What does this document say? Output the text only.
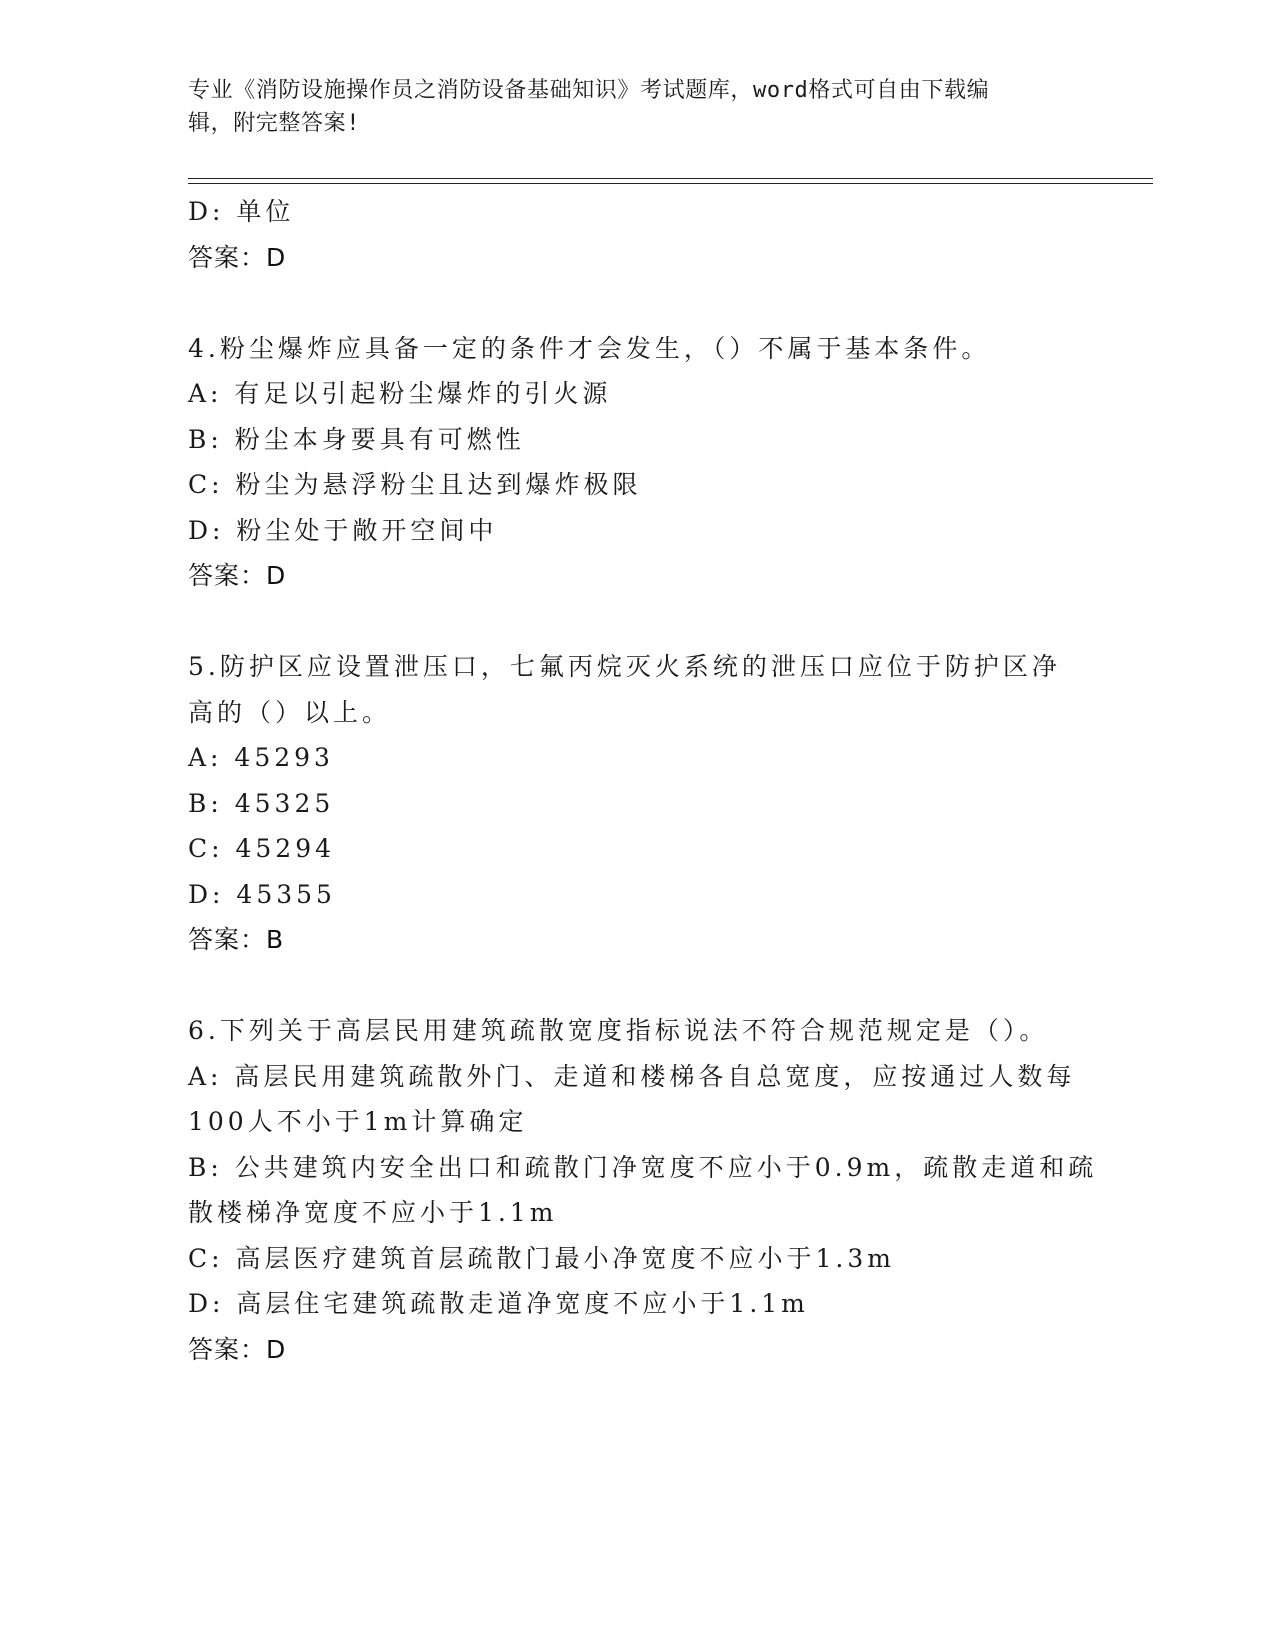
专业《消防设施操作员之消防设备基础知识》考试题库，word格式可自由下载编
辑，附完整答案!
D: 单位
答案：D
4.粉尘爆炸应具备一定的条件才会发生，（）不属于基本条件。
A: 有足以引起粉尘爆炸的引火源
B: 粉尘本身要具有可燃性
C: 粉尘为悬浮粉尘且达到爆炸极限
D: 粉尘处于敞开空间中
答案：D
5.防护区应设置泄压口，七氟丙烷灭火系统的泄压口应位于防护区净
高的（）以上。
A: 45293
B: 45325
C: 45294
D: 45355
答案：B
6.下列关于高层民用建筑疏散宽度指标说法不符合规范规定是（）。
A: 高层民用建筑疏散外门、走道和楼梯各自总宽度，应按通过人数每
100人不小于1m计算确定
B: 公共建筑内安全出口和疏散门净宽度不应小于0.9m，疏散走道和疏
散楼梯净宽度不应小于1.1m
C: 高层医疗建筑首层疏散门最小净宽度不应小于1.3m
D: 高层住宅建筑疏散走道净宽度不应小于1.1m
答案：D
